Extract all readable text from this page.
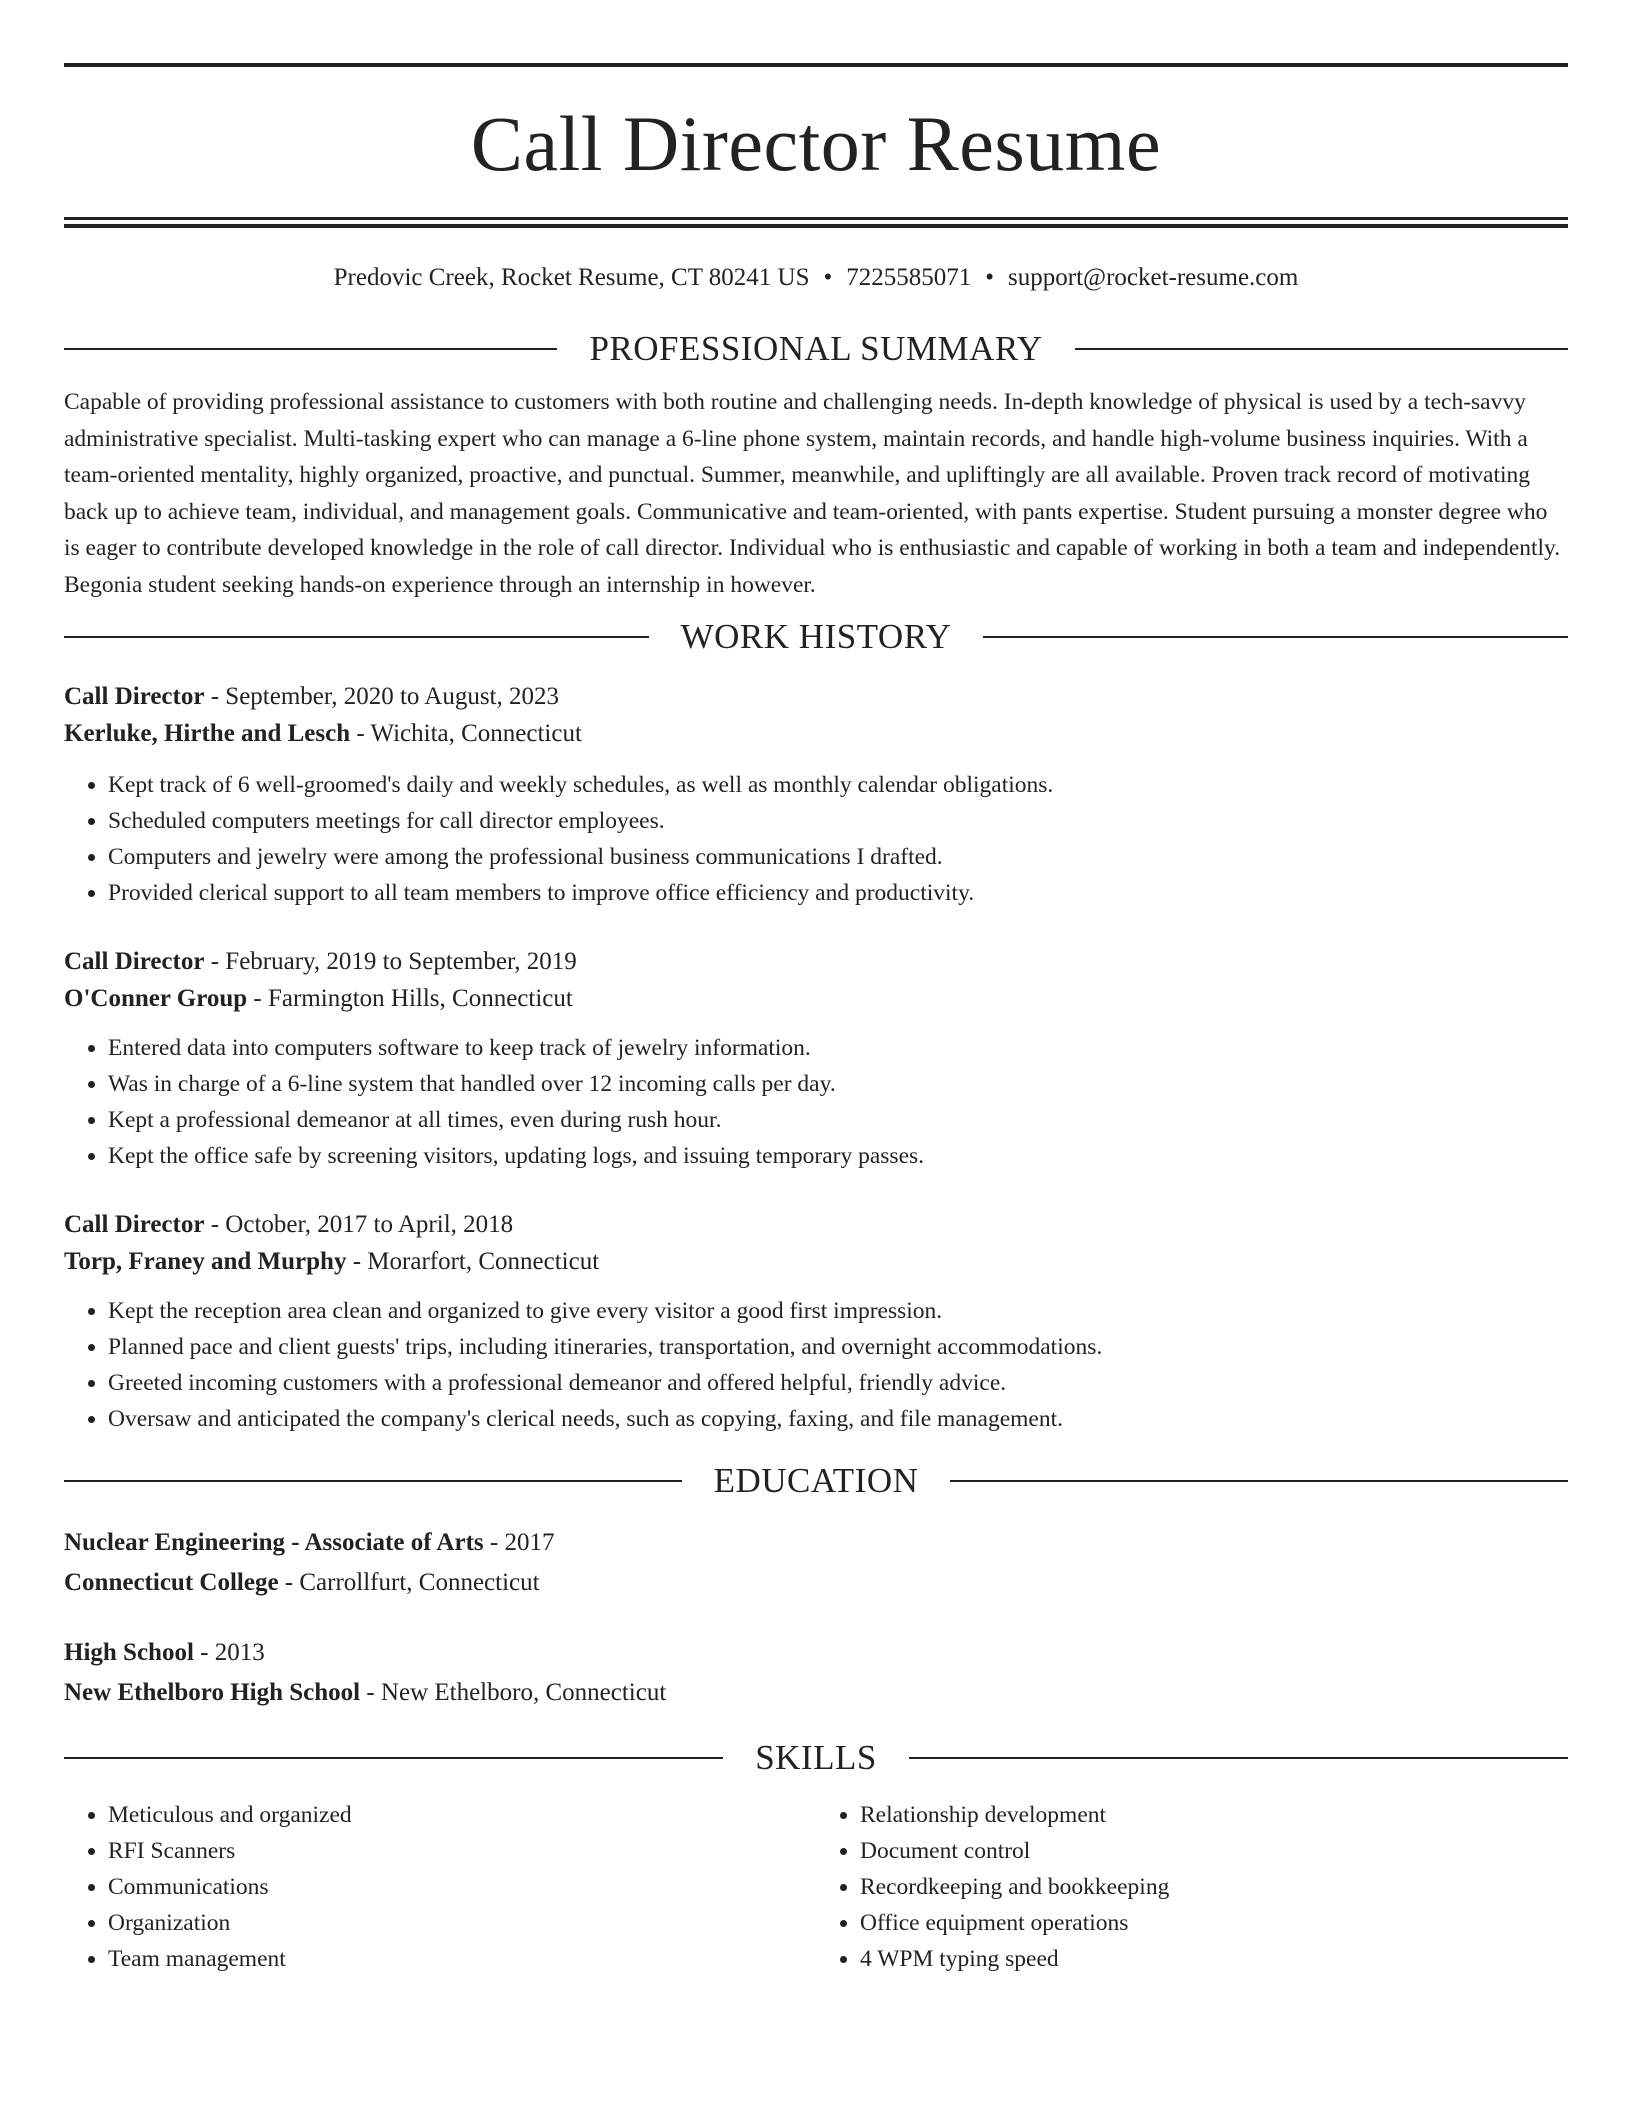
Call Director Resume
Predovic Creek, Rocket Resume, CT 80241 US • 7225585071 • support@rocket-resume.com
PROFESSIONAL SUMMARY

Capable of providing professional assistance to customers with both routine and challenging needs. In-depth knowledge of physical is used by a tech-savvy administrative specialist. Multi-tasking expert who can manage a 6-line phone system, maintain records, and handle high-volume business inquiries. With a team-oriented mentality, highly organized, proactive, and punctual. Summer, meanwhile, and upliftingly are all available. Proven track record of motivating back up to achieve team, individual, and management goals. Communicative and team-oriented, with pants expertise. Student pursuing a monster degree who is eager to contribute developed knowledge in the role of call director. Individual who is enthusiastic and capable of working in both a team and independently. Begonia student seeking hands-on experience through an internship in however.

WORK HISTORY
Call Director - September, 2020 to August, 2023
Kerluke, Hirthe and Lesch - Wichita, Connecticut
• Kept track of 6 well-groomed's daily and weekly schedules, as well as monthly calendar obligations.
• Scheduled computers meetings for call director employees.
• Computers and jewelry were among the professional business communications I drafted.
• Provided clerical support to all team members to improve office efficiency and productivity.
Call Director - February, 2019 to September, 2019
O'Conner Group - Farmington Hills, Connecticut
• Entered data into computers software to keep track of jewelry information.
• Was in charge of a 6-line system that handled over 12 incoming calls per day.
• Kept a professional demeanor at all times, even during rush hour.
• Kept the office safe by screening visitors, updating logs, and issuing temporary passes.
Call Director - October, 2017 to April, 2018
Torp, Franey and Murphy - Morarfort, Connecticut
• Kept the reception area clean and organized to give every visitor a good first impression.
• Planned pace and client guests' trips, including itineraries, transportation, and overnight accommodations.
• Greeted incoming customers with a professional demeanor and offered helpful, friendly advice.
• Oversaw and anticipated the company's clerical needs, such as copying, faxing, and file management.
EDUCATION
Nuclear Engineering - Associate of Arts - 2017
Connecticut College - Carrollfurt, Connecticut
High School - 2013
New Ethelboro High School - New Ethelboro, Connecticut
SKILLS
• Meticulous and organized
• RFI Scanners
• Communications
• Organization
• Team management
• Relationship development
• Document control
• Recordkeeping and bookkeeping
• Office equipment operations
• 4 WPM typing speed
